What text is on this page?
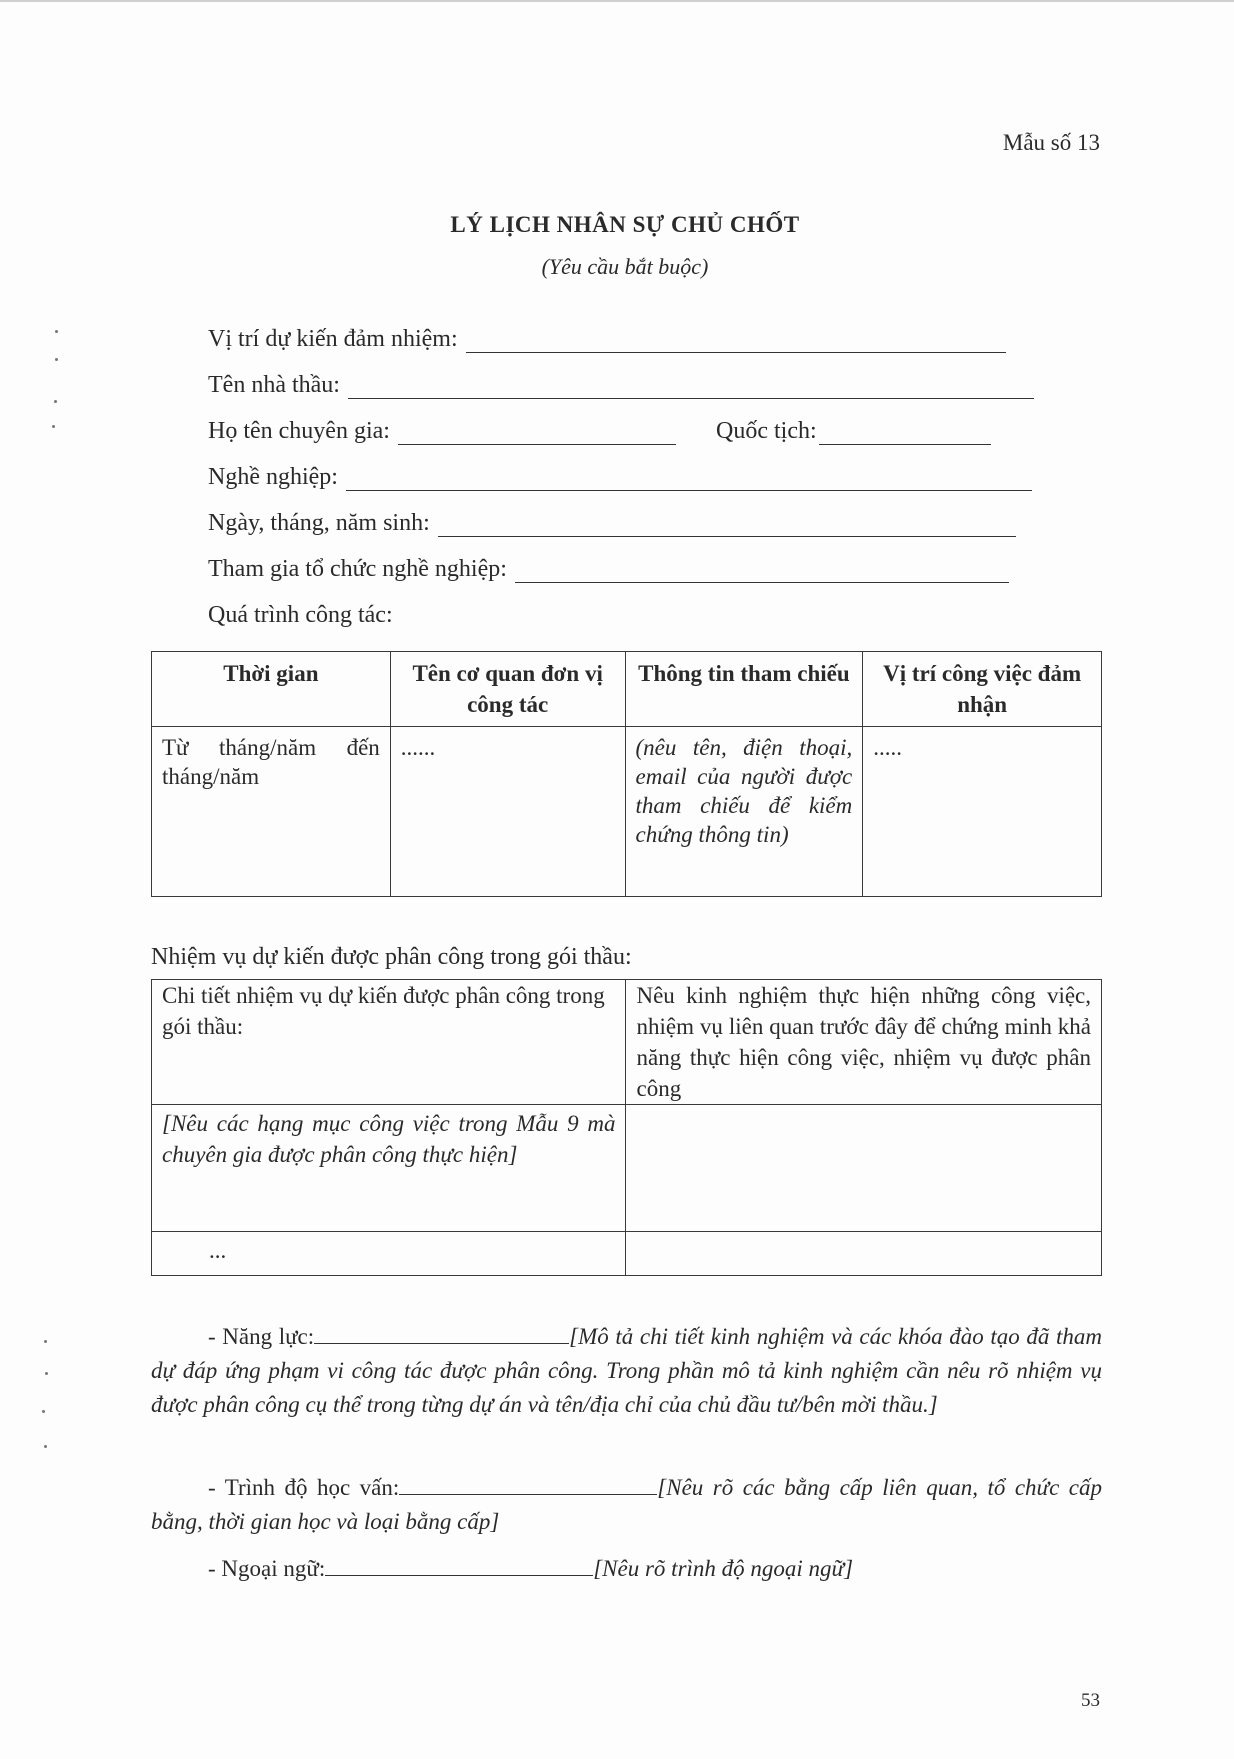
Mẫu số 13
LÝ LỊCH NHÂN SỰ CHỦ CHỐT
(Yêu cầu bắt buộc)
Vị trí dự kiến đảm nhiệm:
Tên nhà thầu:
Họ tên chuyên gia:	Quốc tịch:
Nghề nghiệp:
Ngày, tháng, năm sinh:
Tham gia tổ chức nghề nghiệp:
Quá trình công tác:
Thời gian	Tên cơ quan đơn vị công tác	Thông tin tham chiếu	Vị trí công việc đảm nhận
Từ tháng/năm đến tháng/năm	......	(nêu tên, điện thoại, email của người được tham chiếu để kiểm chứng thông tin)	.....
Nhiệm vụ dự kiến được phân công trong gói thầu:
Chi tiết nhiệm vụ dự kiến được phân công trong gói thầu:	Nêu kinh nghiệm thực hiện những công việc, nhiệm vụ liên quan trước đây để chứng minh khả năng thực hiện công việc, nhiệm vụ được phân công
[Nêu các hạng mục công việc trong Mẫu 9 mà chuyên gia được phân công thực hiện]	
...	
- Năng lực:	[Mô tả chi tiết kinh nghiệm và các khóa đào tạo đã tham dự đáp ứng phạm vi công tác được phân công. Trong phần mô tả kinh nghiệm cần nêu rõ nhiệm vụ được phân công cụ thể trong từng dự án và tên/địa chỉ của chủ đầu tư/bên mời thầu.]
- Trình độ học vấn:	[Nêu rõ các bằng cấp liên quan, tổ chức cấp bằng, thời gian học và loại bằng cấp]
- Ngoại ngữ:	[Nêu rõ trình độ ngoại ngữ]
53
